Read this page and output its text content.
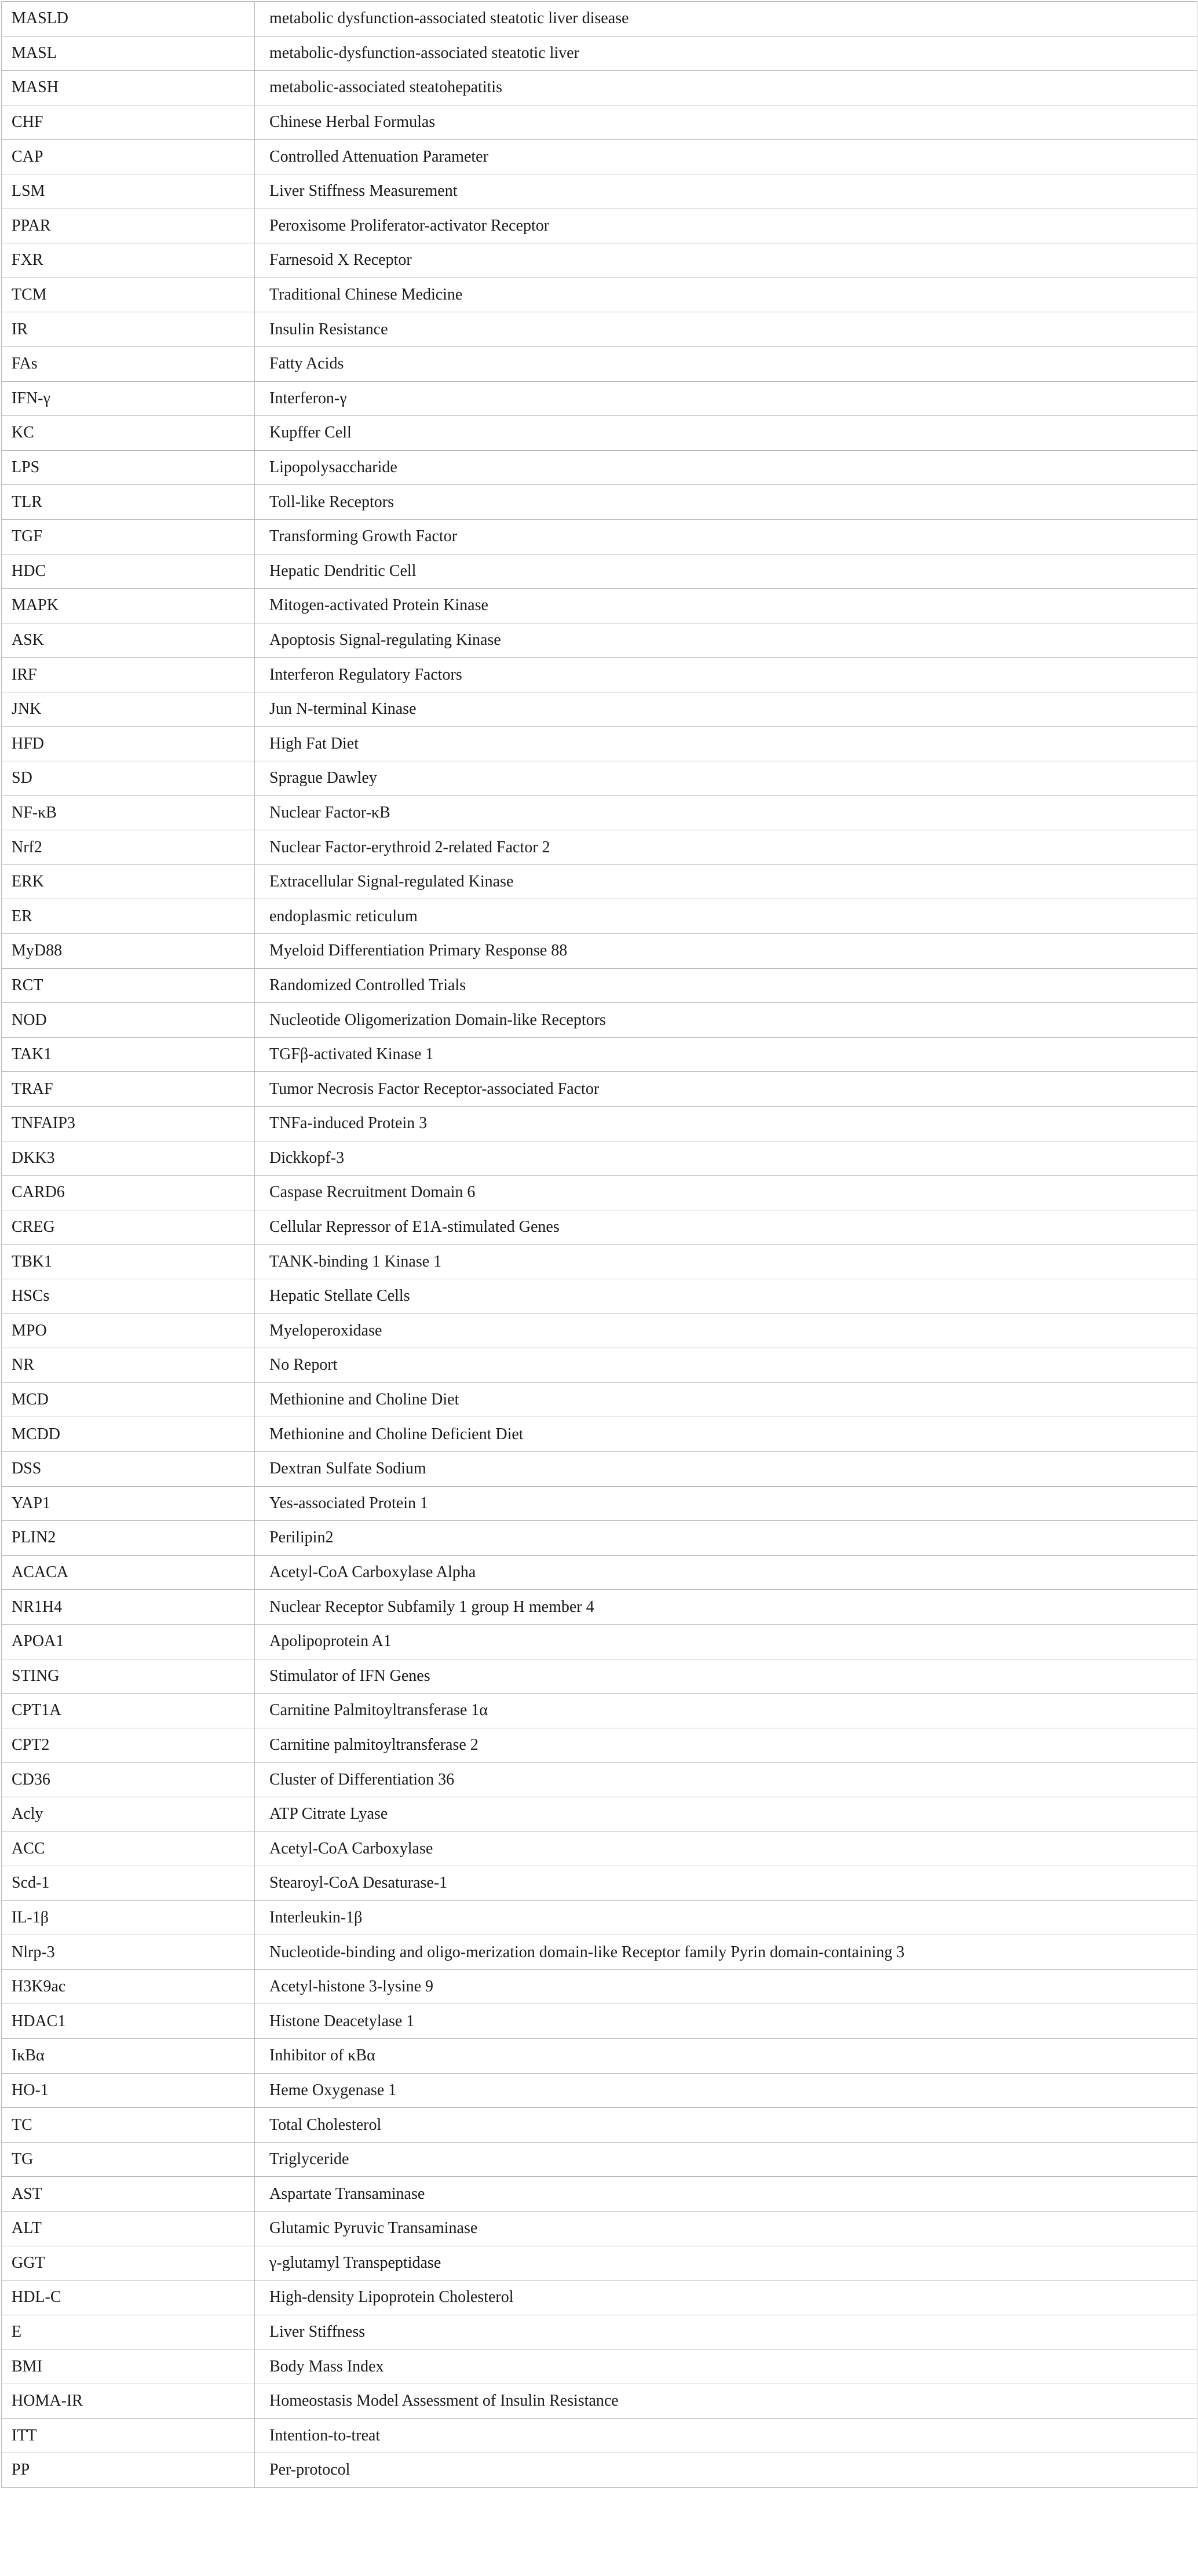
MASLD	metabolic dysfunction-associated steatotic liver disease
MASL	metabolic-dysfunction-associated steatotic liver
MASH	metabolic-associated steatohepatitis
CHF	Chinese Herbal Formulas
CAP	Controlled Attenuation Parameter
LSM	Liver Stiffness Measurement
PPAR	Peroxisome Proliferator-activator Receptor
FXR	Farnesoid X Receptor
TCM	Traditional Chinese Medicine
IR	Insulin Resistance
FAs	Fatty Acids
IFN-γ	Interferon-γ
KC	Kupffer Cell
LPS	Lipopolysaccharide
TLR	Toll-like Receptors
TGF	Transforming Growth Factor
HDC	Hepatic Dendritic Cell
MAPK	Mitogen-activated Protein Kinase
ASK	Apoptosis Signal-regulating Kinase
IRF	Interferon Regulatory Factors
JNK	Jun N-terminal Kinase
HFD	High Fat Diet
SD	Sprague Dawley
NF-κB	Nuclear Factor-κB
Nrf2	Nuclear Factor-erythroid 2-related Factor 2
ERK	Extracellular Signal-regulated Kinase
ER	endoplasmic reticulum
MyD88	Myeloid Differentiation Primary Response 88
RCT	Randomized Controlled Trials
NOD	Nucleotide Oligomerization Domain-like Receptors
TAK1	TGFβ-activated Kinase 1
TRAF	Tumor Necrosis Factor Receptor-associated Factor
TNFAIP3	TNFa-induced Protein 3
DKK3	Dickkopf-3
CARD6	Caspase Recruitment Domain 6
CREG	Cellular Repressor of E1A-stimulated Genes
TBK1	TANK-binding 1 Kinase 1
HSCs	Hepatic Stellate Cells
MPO	Myeloperoxidase
NR	No Report
MCD	Methionine and Choline Diet
MCDD	Methionine and Choline Deficient Diet
DSS	Dextran Sulfate Sodium
YAP1	Yes-associated Protein 1
PLIN2	Perilipin2
ACACA	Acetyl-CoA Carboxylase Alpha
NR1H4	Nuclear Receptor Subfamily 1 group H member 4
APOA1	Apolipoprotein A1
STING	Stimulator of IFN Genes
CPT1A	Carnitine Palmitoyltransferase 1α
CPT2	Carnitine palmitoyltransferase 2
CD36	Cluster of Differentiation 36
Acly	ATP Citrate Lyase
ACC	Acetyl-CoA Carboxylase
Scd-1	Stearoyl-CoA Desaturase-1
IL-1β	Interleukin-1β
Nlrp-3	Nucleotide-binding and oligo-merization domain-like Receptor family Pyrin domain-containing 3
H3K9ac	Acetyl-histone 3-lysine 9
HDAC1	Histone Deacetylase 1
IκBα	Inhibitor of κBα
HO-1	Heme Oxygenase 1
TC	Total Cholesterol
TG	Triglyceride
AST	Aspartate Transaminase
ALT	Glutamic Pyruvic Transaminase
GGT	γ-glutamyl Transpeptidase
HDL-C	High-density Lipoprotein Cholesterol
E	Liver Stiffness
BMI	Body Mass Index
HOMA-IR	Homeostasis Model Assessment of Insulin Resistance
ITT	Intention-to-treat
PP	Per-protocol
